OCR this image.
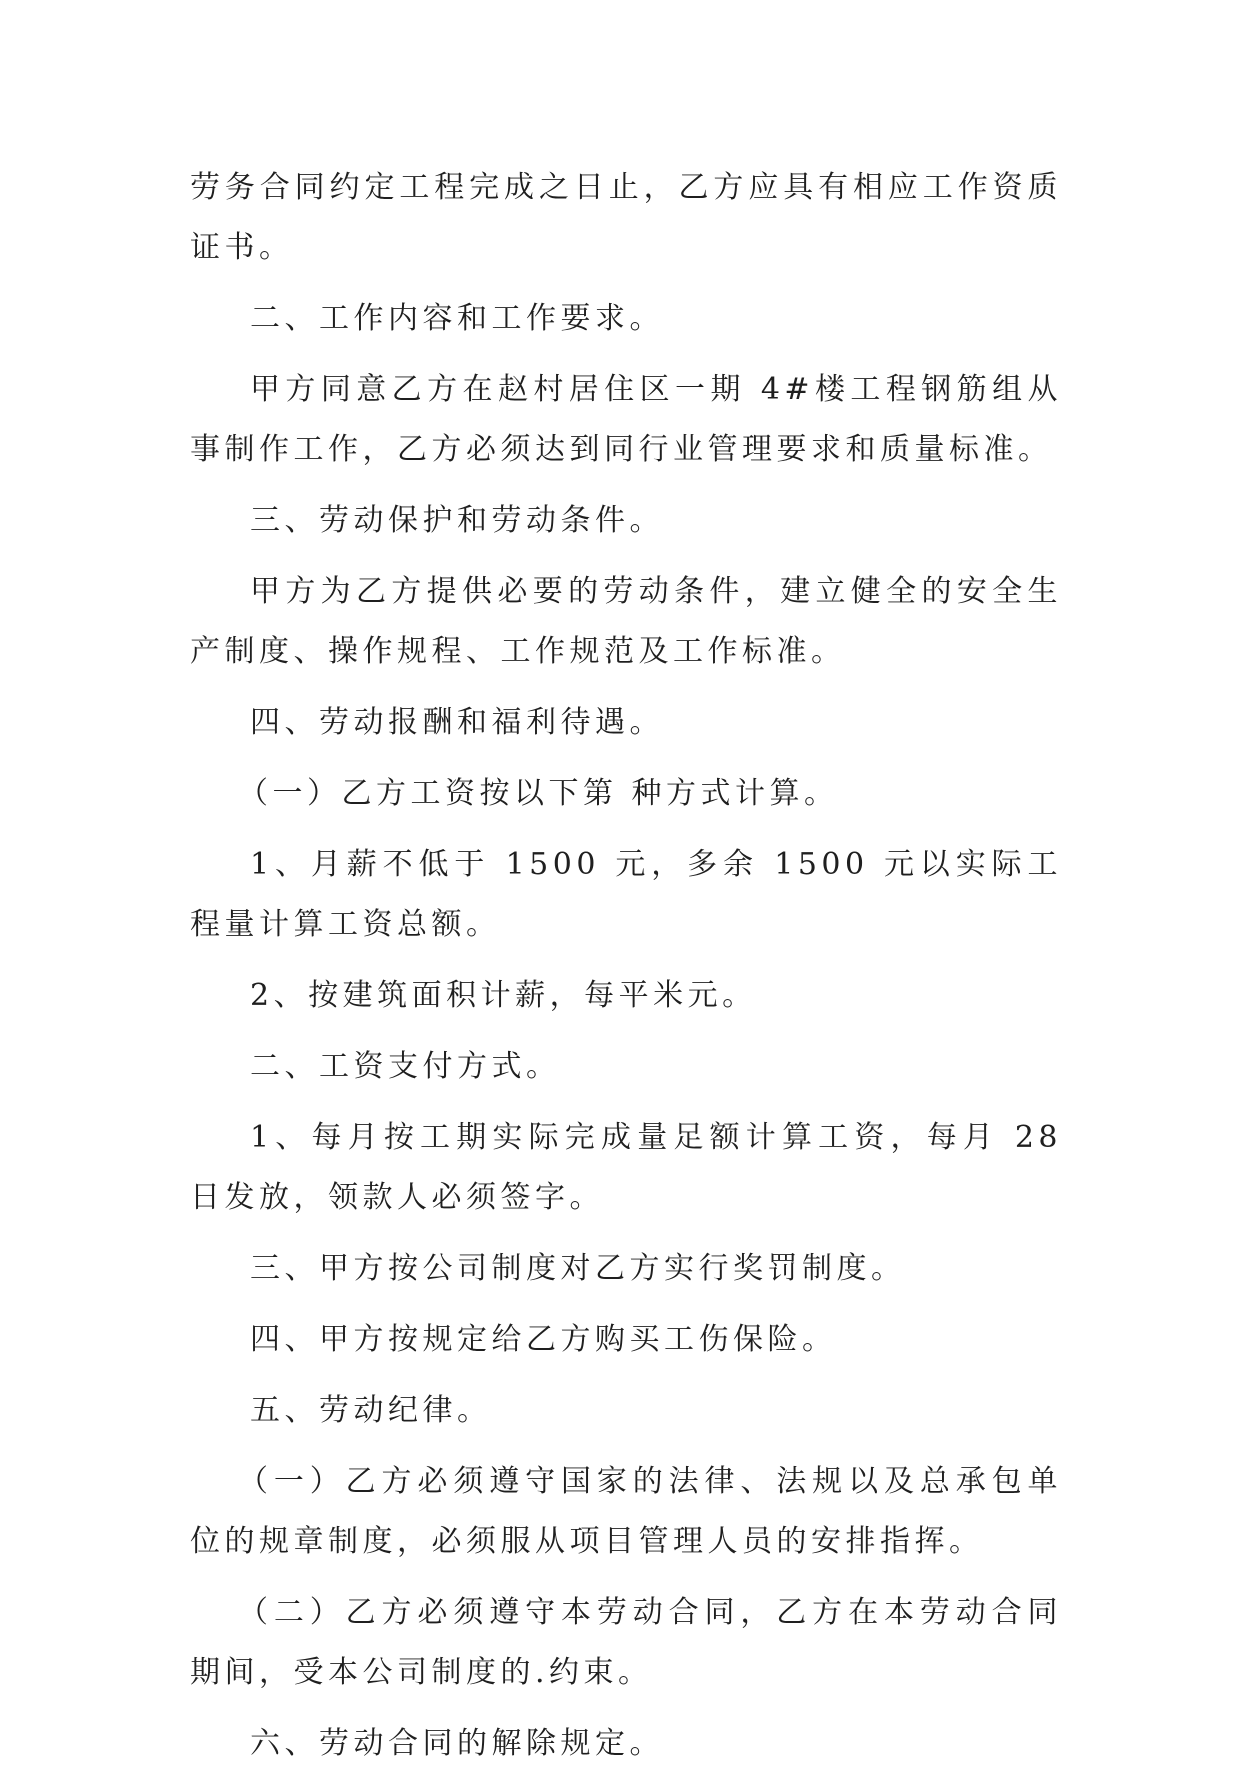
劳务合同约定工程完成之日止，乙方应具有相应工作资质证书。

二、工作内容和工作要求。

甲方同意乙方在赵村居住区一期 4#楼工程钢筋组从事制作工作，乙方必须达到同行业管理要求和质量标准。

三、劳动保护和劳动条件。

甲方为乙方提供必要的劳动条件，建立健全的安全生产制度、操作规程、工作规范及工作标准。

四、劳动报酬和福利待遇。

（一）乙方工资按以下第 种方式计算。

1、月薪不低于 1500 元，多余 1500 元以实际工程量计算工资总额。

2、按建筑面积计薪，每平米元。

二、工资支付方式。

1、每月按工期实际完成量足额计算工资，每月 28 日发放，领款人必须签字。

三、甲方按公司制度对乙方实行奖罚制度。

四、甲方按规定给乙方购买工伤保险。

五、劳动纪律。

（一）乙方必须遵守国家的法律、法规以及总承包单位的规章制度，必须服从项目管理人员的安排指挥。

（二）乙方必须遵守本劳动合同，乙方在本劳动合同期间，受本公司制度的.约束。

六、劳动合同的解除规定。
